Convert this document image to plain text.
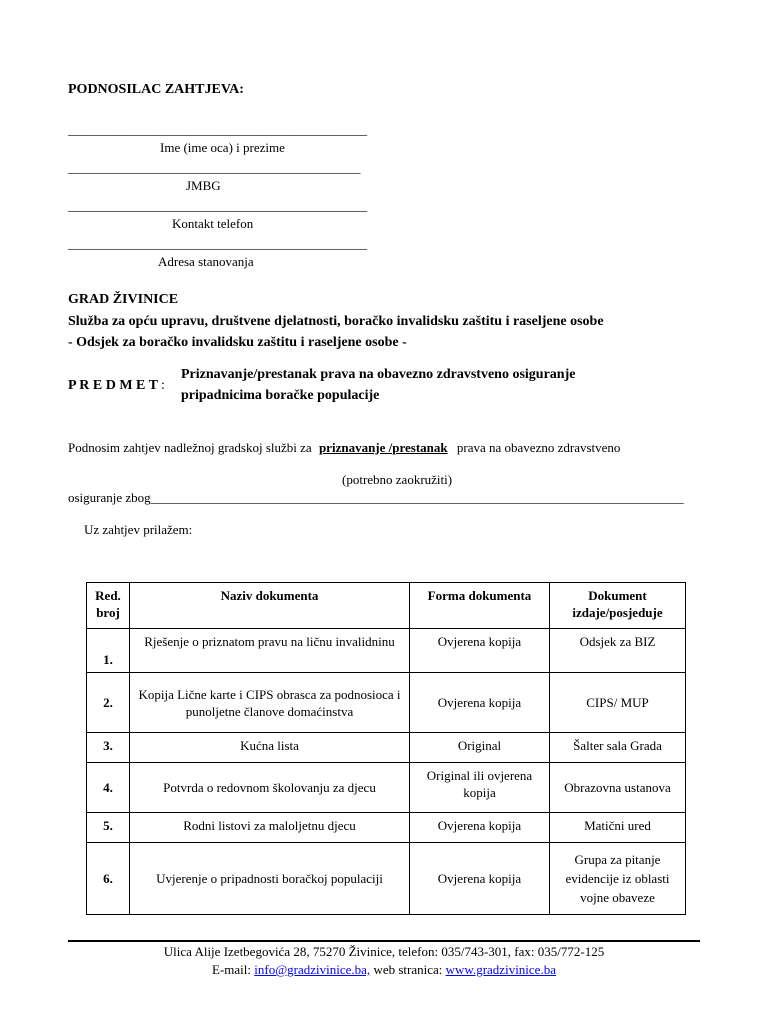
PODNOSILAC ZAHTJEVA:
______________________________________________
Ime (ime oca) i prezime
_____________________________________________
JMBG
______________________________________________
Kontakt telefon
______________________________________________
Adresa stanovanja
GRAD ŽIVINICE
Služba za opću upravu, društvene djelatnosti, boračko invalidsku zaštitu i raseljene osobe
- Odsjek za boračko invalidsku zaštitu i raseljene osobe -
P R E D M E T :
Priznavanje/prestanak prava na obavezno zdravstveno osiguranje
pripadnicima boračke populacije
Podnosim zahtjev nadležnoj gradskoj službi za priznavanje /prestanak prava na obavezno zdravstveno
(potrebno zaokružiti)
osiguranje zbog__________________________________________________________________________________
Uz zahtjev prilažem:
Red. broj	Naziv dokumenta	Forma dokumenta	Dokument izdaje/posjeduje
1.	Rješenje o priznatom pravu na ličnu invalidninu	Ovjerena kopija	Odsjek za BIZ
2.	Kopija Lične karte i CIPS obrasca za podnosioca i punoljetne članove domaćinstva	Ovjerena kopija	CIPS/ MUP
3.	Kućna lista	Original	Šalter sala Grada
4.	Potvrda o redovnom školovanju za djecu	Original ili ovjerena kopija	Obrazovna ustanova
5.	Rodni listovi za maloljetnu djecu	Ovjerena kopija	Matični ured
6.	Uvjerenje o pripadnosti boračkoj populaciji	Ovjerena kopija	Grupa za pitanje evidencije iz oblasti vojne obaveze
Ulica Alije Izetbegovića 28, 75270 Živinice, telefon: 035/743-301, fax: 035/772-125
E-mail: info@gradzivinice.ba, web stranica: www.gradzivinice.ba
